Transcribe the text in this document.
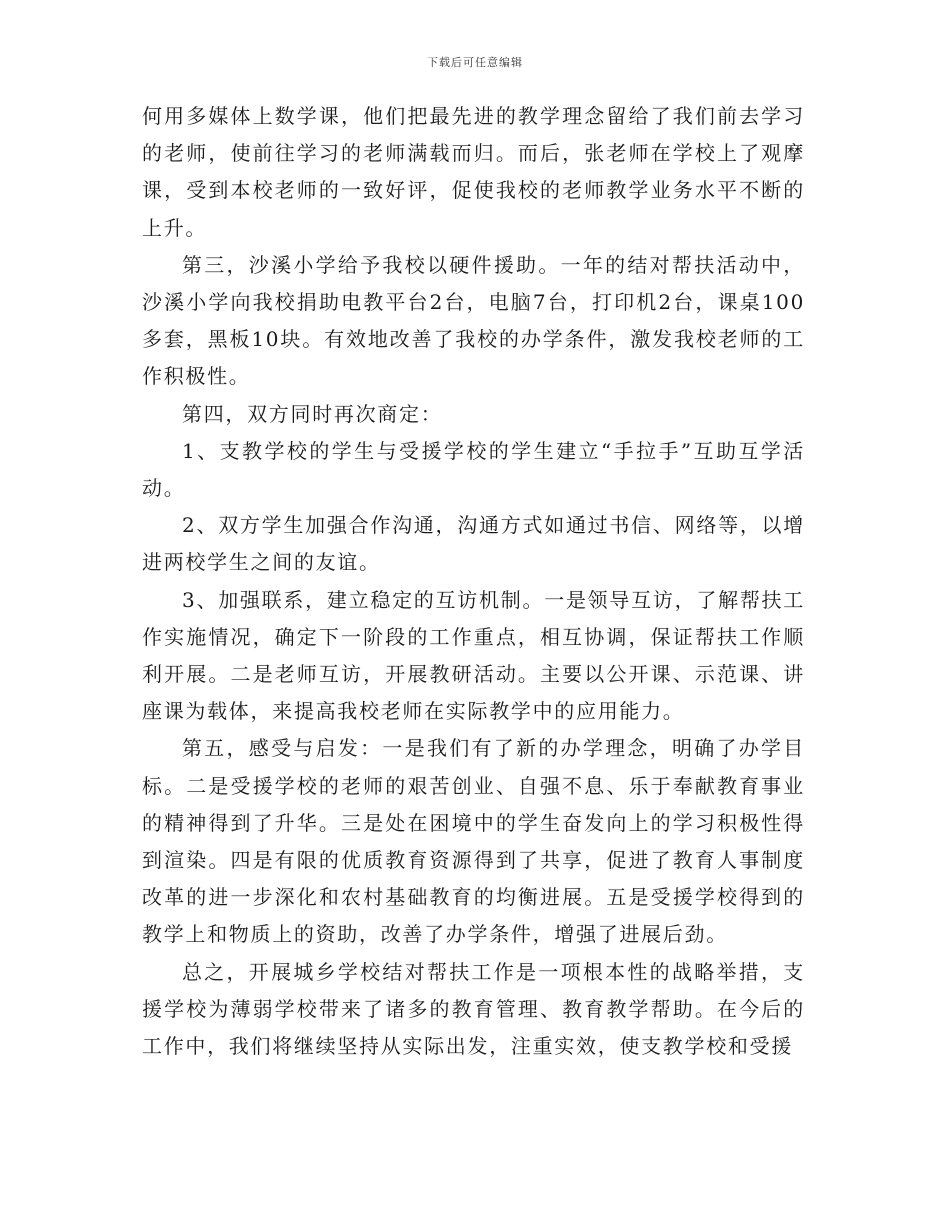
下载后可任意编辑

何用多媒体上数学课，他们把最先进的教学理念留给了我们前去学习的老师，使前往学习的老师满载而归。而后，张老师在学校上了观摩课，受到本校老师的一致好评，促使我校的老师教学业务水平不断的上升。

第三，沙溪小学给予我校以硬件援助。一年的结对帮扶活动中，沙溪小学向我校捐助电教平台2台，电脑7台，打印机2台，课桌100多套，黑板10块。有效地改善了我校的办学条件，激发我校老师的工作积极性。

第四，双方同时再次商定：

1、支教学校的学生与受援学校的学生建立“手拉手”互助互学活动。

2、双方学生加强合作沟通，沟通方式如通过书信、网络等，以增进两校学生之间的友谊。

3、加强联系，建立稳定的互访机制。一是领导互访，了解帮扶工作实施情况，确定下一阶段的工作重点，相互协调，保证帮扶工作顺利开展。二是老师互访，开展教研活动。主要以公开课、示范课、讲座课为载体，来提高我校老师在实际教学中的应用能力。

第五，感受与启发：一是我们有了新的办学理念，明确了办学目标。二是受援学校的老师的艰苦创业、自强不息、乐于奉献教育事业的精神得到了升华。三是处在困境中的学生奋发向上的学习积极性得到渲染。四是有限的优质教育资源得到了共享，促进了教育人事制度改革的进一步深化和农村基础教育的均衡进展。五是受援学校得到的教学上和物质上的资助，改善了办学条件，增强了进展后劲。

总之，开展城乡学校结对帮扶工作是一项根本性的战略举措，支援学校为薄弱学校带来了诸多的教育管理、教育教学帮助。在今后的工作中，我们将继续坚持从实际出发，注重实效，使支教学校和受援
